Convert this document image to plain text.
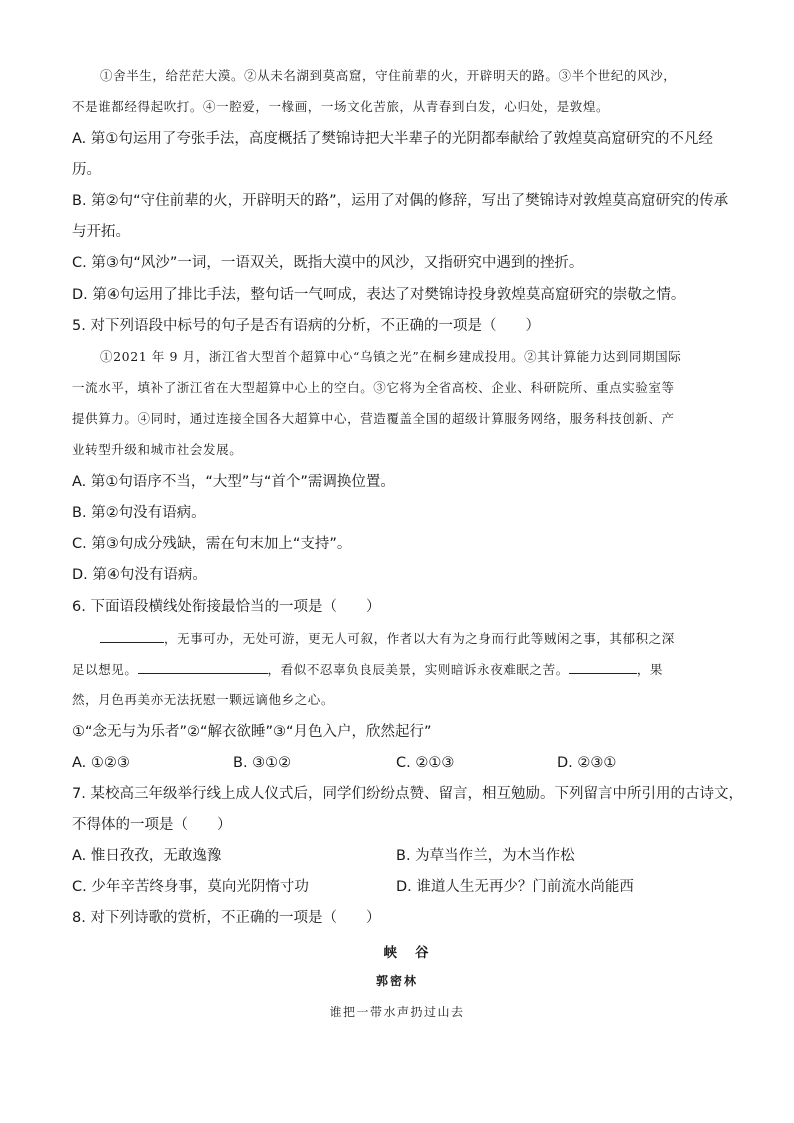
①舍半生，给茫茫大漠。②从未名湖到莫高窟，守住前辈的火，开辟明天的路。③半个世纪的风沙，
不是谁都经得起吹打。④一腔爱，一椽画，一场文化苦旅，从青春到白发，心归处，是敦煌。
A. 第①句运用了夸张手法，高度概括了樊锦诗把大半辈子的光阴都奉献给了敦煌莫高窟研究的不凡经
历。
B. 第②句“守住前辈的火，开辟明天的路”，运用了对偶的修辞，写出了樊锦诗对敦煌莫高窟研究的传承
与开拓。
C. 第③句“风沙”一词，一语双关，既指大漠中的风沙，又指研究中遇到的挫折。
D. 第④句运用了排比手法，整句话一气呵成，表达了对樊锦诗投身敦煌莫高窟研究的崇敬之情。
5. 对下列语段中标号的句子是否有语病的分析，不正确的一项是（　　）
①2021 年 9 月，浙江省大型首个超算中心“乌镇之光”在桐乡建成投用。②其计算能力达到同期国际
一流水平，填补了浙江省在大型超算中心上的空白。③它将为全省高校、企业、科研院所、重点实验室等
提供算力。④同时，通过连接全国各大超算中心，营造覆盖全国的超级计算服务网络，服务科技创新、产
业转型升级和城市社会发展。
A. 第①句语序不当，“大型”与“首个”需调换位置。
B. 第②句没有语病。
C. 第③句成分残缺，需在句末加上“支持”。
D. 第④句没有语病。
6. 下面语段横线处衔接最恰当的一项是（　　）
，无事可办，无处可游，更无人可叙，作者以大有为之身而行此等贼闲之事，其郁积之深
足以想见。	，看似不忍辜负良辰美景，实则暗诉永夜难眠之苦。	，果
然，月色再美亦无法抚慰一颗远谪他乡之心。
①“念无与为乐者”②“解衣欲睡”③“月色入户，欣然起行”
A. ①②③	B. ③①②	C. ②①③	D. ②③①
7. 某校高三年级举行线上成人仪式后，同学们纷纷点赞、留言，相互勉励。下列留言中所引用的古诗文，
不得体的一项是（　　）
A. 惟日孜孜，无敢逸豫	B. 为草当作兰，为木当作松
C. 少年辛苦终身事，莫向光阴惰寸功	D. 谁道人生无再少？门前流水尚能西
8. 对下列诗歌的赏析，不正确的一项是（　　）
峡谷
郭密林
谁把一带水声扔过山去
